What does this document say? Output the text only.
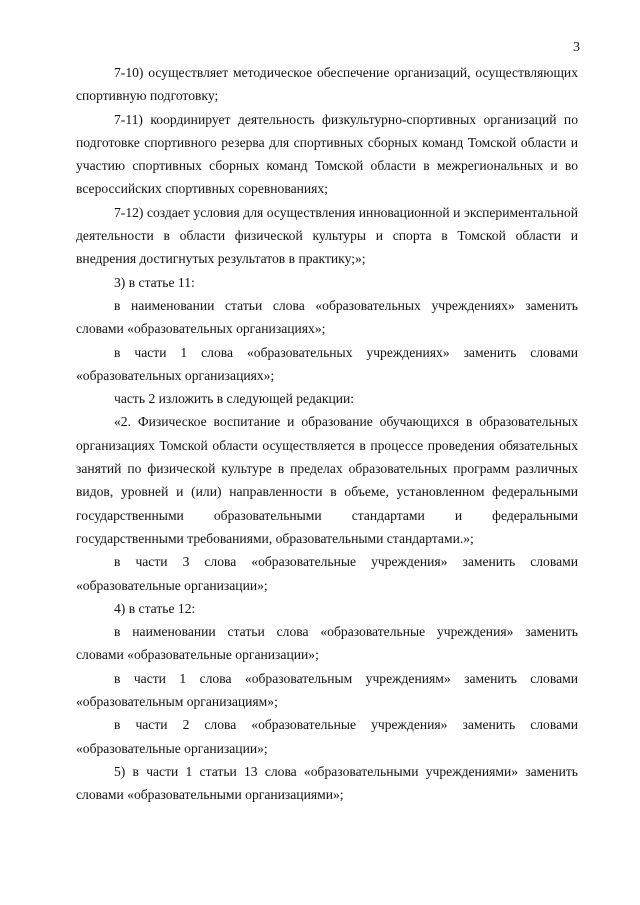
3

7-10) осуществляет методическое обеспечение организаций, осуществляющих спортивную подготовку;

7-11) координирует деятельность физкультурно-спортивных организаций по подготовке спортивного резерва для спортивных сборных команд Томской области и участию спортивных сборных команд Томской области в межрегиональных и во всероссийских спортивных соревнованиях;

7-12) создает условия для осуществления инновационной и экспериментальной деятельности в области физической культуры и спорта в Томской области и внедрения достигнутых результатов в практику;»;

3) в статье 11:

в наименовании статьи слова «образовательных учреждениях» заменить словами «образовательных организациях»;

в части 1 слова «образовательных учреждениях» заменить словами «образовательных организациях»;

часть 2 изложить в следующей редакции:

«2. Физическое воспитание и образование обучающихся в образовательных организациях Томской области осуществляется в процессе проведения обязательных занятий по физической культуре в пределах образовательных программ различных видов, уровней и (или) направленности в объеме, установленном федеральными государственными образовательными стандартами и федеральными государственными требованиями, образовательными стандартами.»;

в части 3 слова «образовательные учреждения» заменить словами «образовательные организации»;

4) в статье 12:

в наименовании статьи слова «образовательные учреждения» заменить словами «образовательные организации»;

в части 1 слова «образовательным учреждениям» заменить словами «образовательным организациям»;

в части 2 слова «образовательные учреждения» заменить словами «образовательные организации»;

5) в части 1 статьи 13 слова «образовательными учреждениями» заменить словами «образовательными организациями»;
